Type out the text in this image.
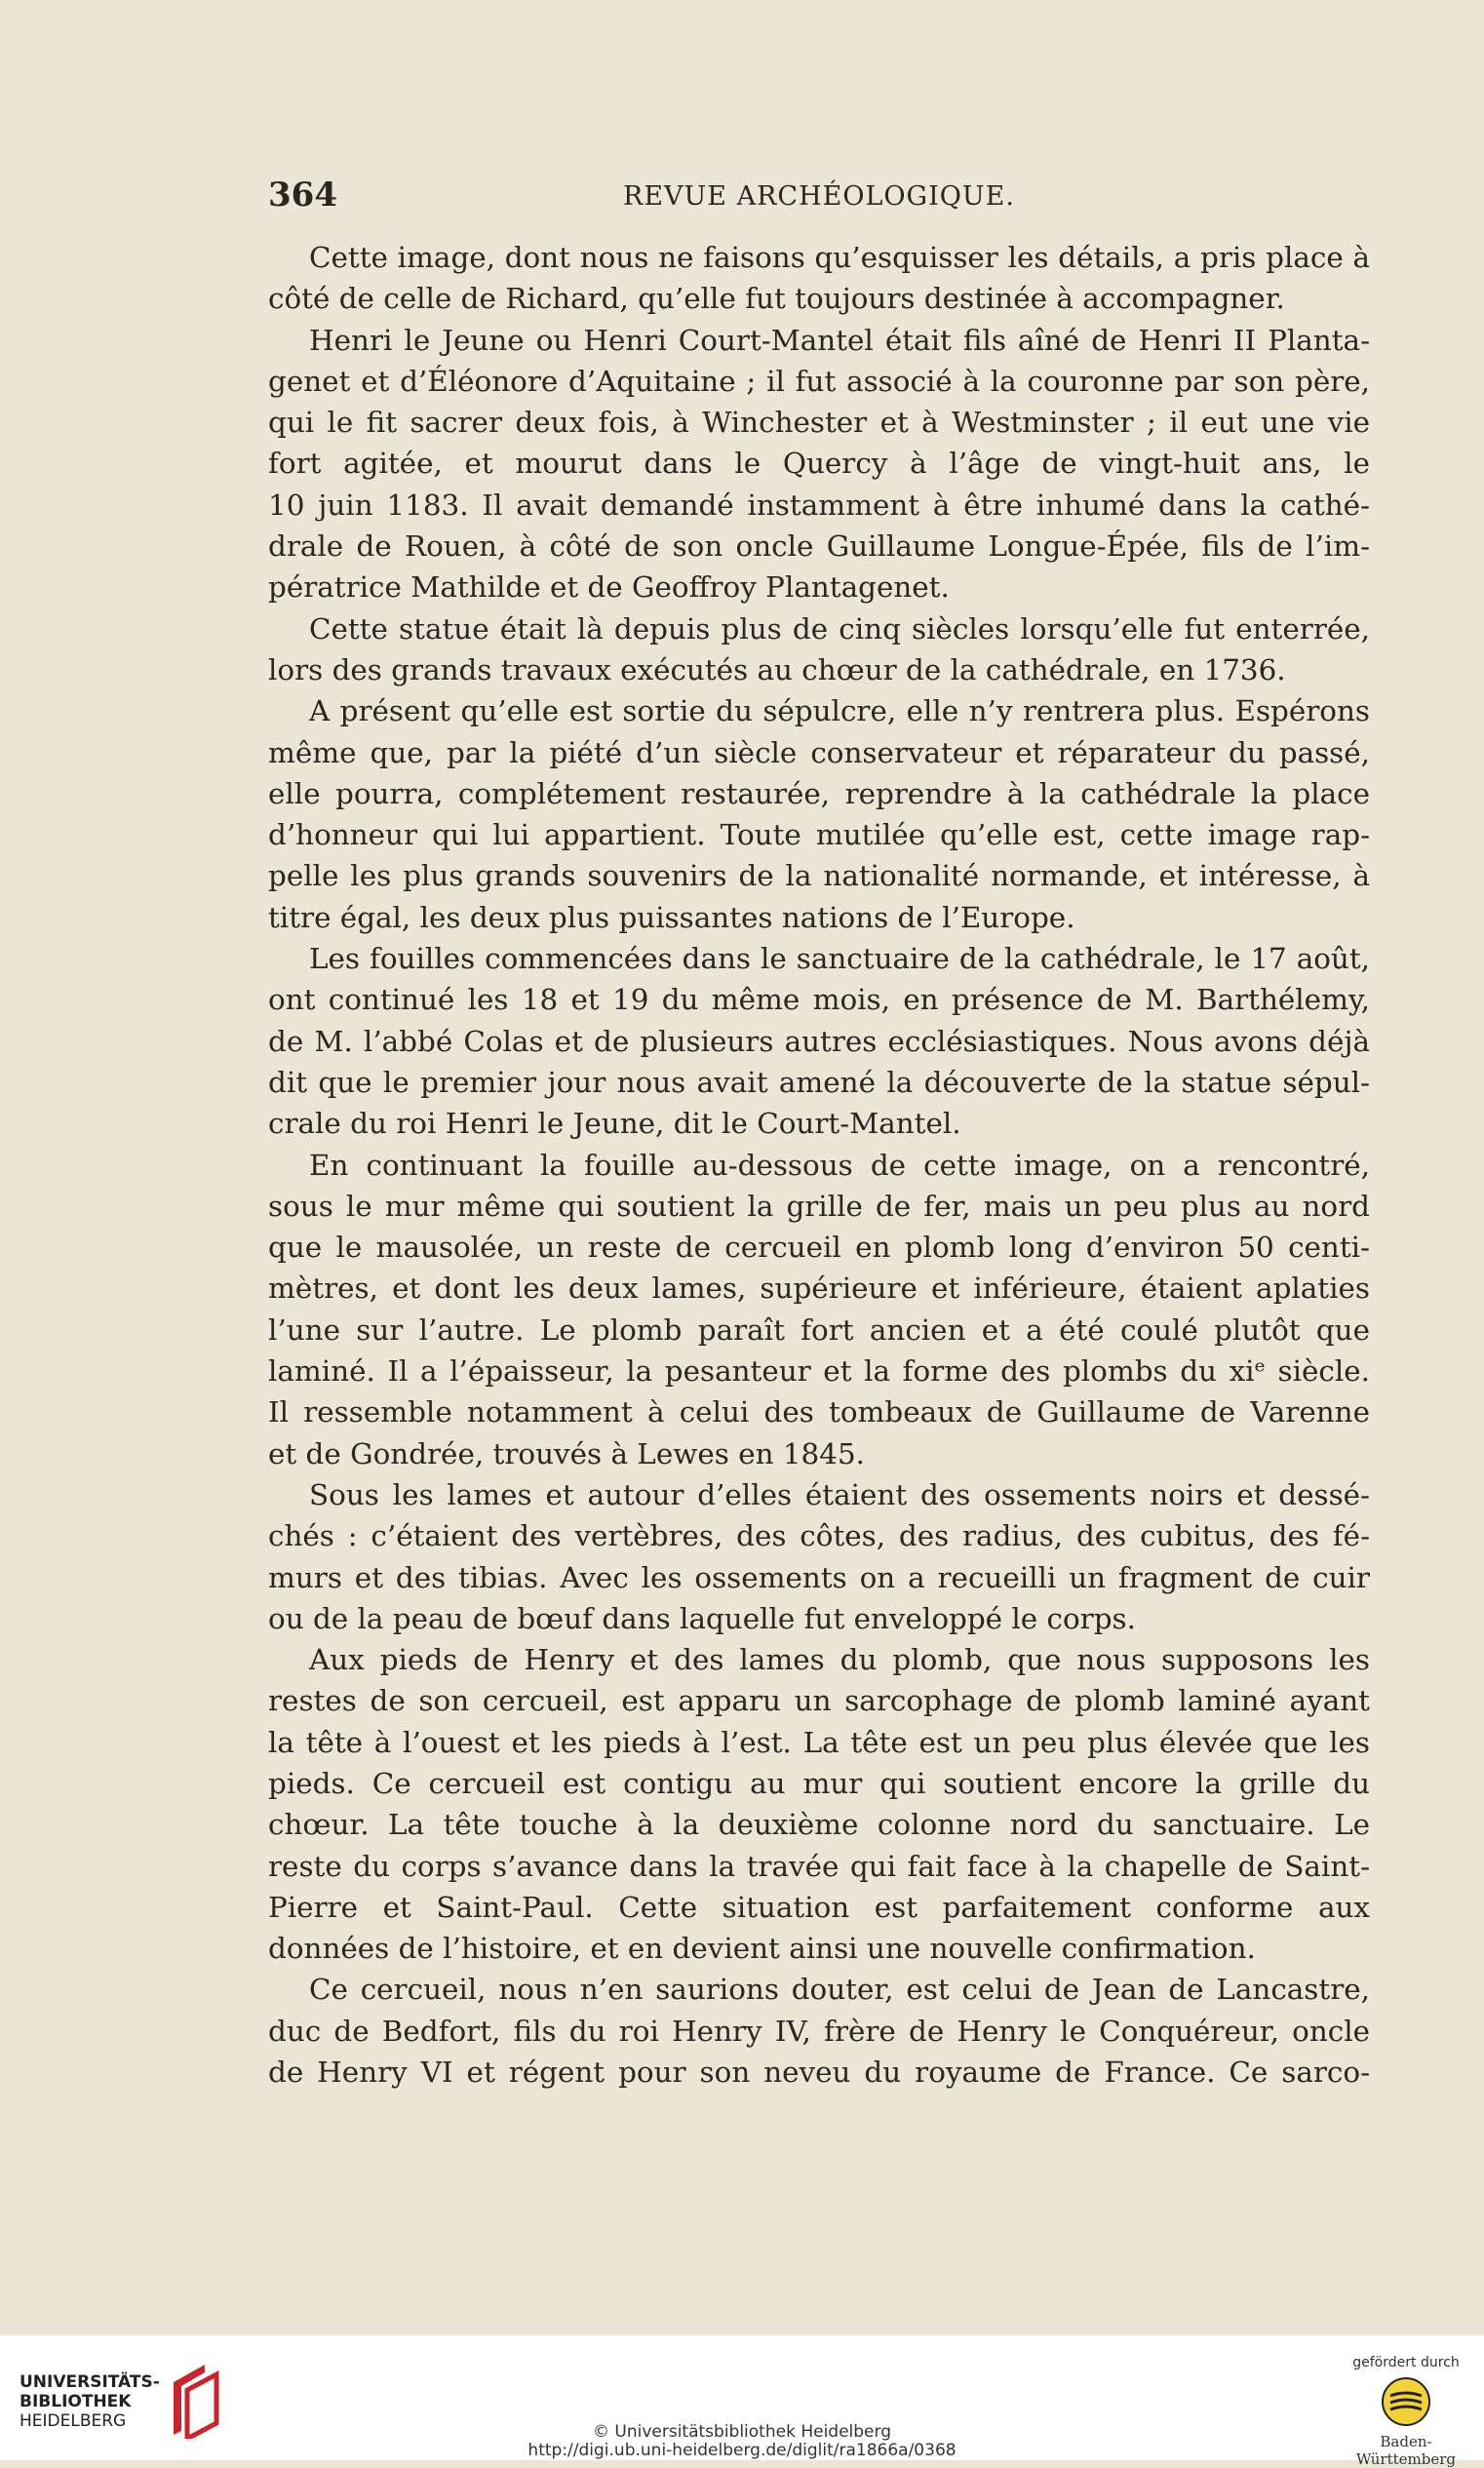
364	REVUE ARCHÉOLOGIQUE.
Cette image, dont nous ne faisons qu’esquisser les détails, a pris place à
côté de celle de Richard, qu’elle fut toujours destinée à accompagner.
Henri le Jeune ou Henri Court-Mantel était fils aîné de Henri II Planta-
genet et d’Éléonore d’Aquitaine ; il fut associé à la couronne par son père,
qui le fit sacrer deux fois, à Winchester et à Westminster ; il eut une vie
fort agitée, et mourut dans le Quercy à l’âge de vingt-huit ans, le
10 juin 1183. Il avait demandé instamment à être inhumé dans la cathé-
drale de Rouen, à côté de son oncle Guillaume Longue-Épée, fils de l’im-
pératrice Mathilde et de Geoffroy Plantagenet.
Cette statue était là depuis plus de cinq siècles lorsqu’elle fut enterrée,
lors des grands travaux exécutés au chœur de la cathédrale, en 1736.
A présent qu’elle est sortie du sépulcre, elle n’y rentrera plus. Espérons
même que, par la piété d’un siècle conservateur et réparateur du passé,
elle pourra, complétement restaurée, reprendre à la cathédrale la place
d’honneur qui lui appartient. Toute mutilée qu’elle est, cette image rap-
pelle les plus grands souvenirs de la nationalité normande, et intéresse, à
titre égal, les deux plus puissantes nations de l’Europe.
Les fouilles commencées dans le sanctuaire de la cathédrale, le 17 août,
ont continué les 18 et 19 du même mois, en présence de M. Barthélemy,
de M. l’abbé Colas et de plusieurs autres ecclésiastiques. Nous avons déjà
dit que le premier jour nous avait amené la découverte de la statue sépul-
crale du roi Henri le Jeune, dit le Court-Mantel.
En continuant la fouille au-dessous de cette image, on a rencontré,
sous le mur même qui soutient la grille de fer, mais un peu plus au nord
que le mausolée, un reste de cercueil en plomb long d’environ 50 centi-
mètres, et dont les deux lames, supérieure et inférieure, étaient aplaties
l’une sur l’autre. Le plomb paraît fort ancien et a été coulé plutôt que
laminé. Il a l’épaisseur, la pesanteur et la forme des plombs du xiᵉ siècle.
Il ressemble notamment à celui des tombeaux de Guillaume de Varenne
et de Gondrée, trouvés à Lewes en 1845.
Sous les lames et autour d’elles étaient des ossements noirs et dessé-
chés : c’étaient des vertèbres, des côtes, des radius, des cubitus, des fé-
murs et des tibias. Avec les ossements on a recueilli un fragment de cuir
ou de la peau de bœuf dans laquelle fut enveloppé le corps.
Aux pieds de Henry et des lames du plomb, que nous supposons les
restes de son cercueil, est apparu un sarcophage de plomb laminé ayant
la tête à l’ouest et les pieds à l’est. La tête est un peu plus élevée que les
pieds. Ce cercueil est contigu au mur qui soutient encore la grille du
chœur. La tête touche à la deuxième colonne nord du sanctuaire. Le
reste du corps s’avance dans la travée qui fait face à la chapelle de Saint-
Pierre et Saint-Paul. Cette situation est parfaitement conforme aux
données de l’histoire, et en devient ainsi une nouvelle confirmation.
Ce cercueil, nous n’en saurions douter, est celui de Jean de Lancastre,
duc de Bedfort, fils du roi Henry IV, frère de Henry le Conquéreur, oncle
de Henry VI et régent pour son neveu du royaume de France. Ce sarco-
UNIVERSITÄTS-
BIBLIOTHEK
HEIDELBERG
© Universitätsbibliothek Heidelberg
http://digi.ub.uni-heidelberg.de/diglit/ra1866a/0368
gefördert durch
Baden-Württemberg
